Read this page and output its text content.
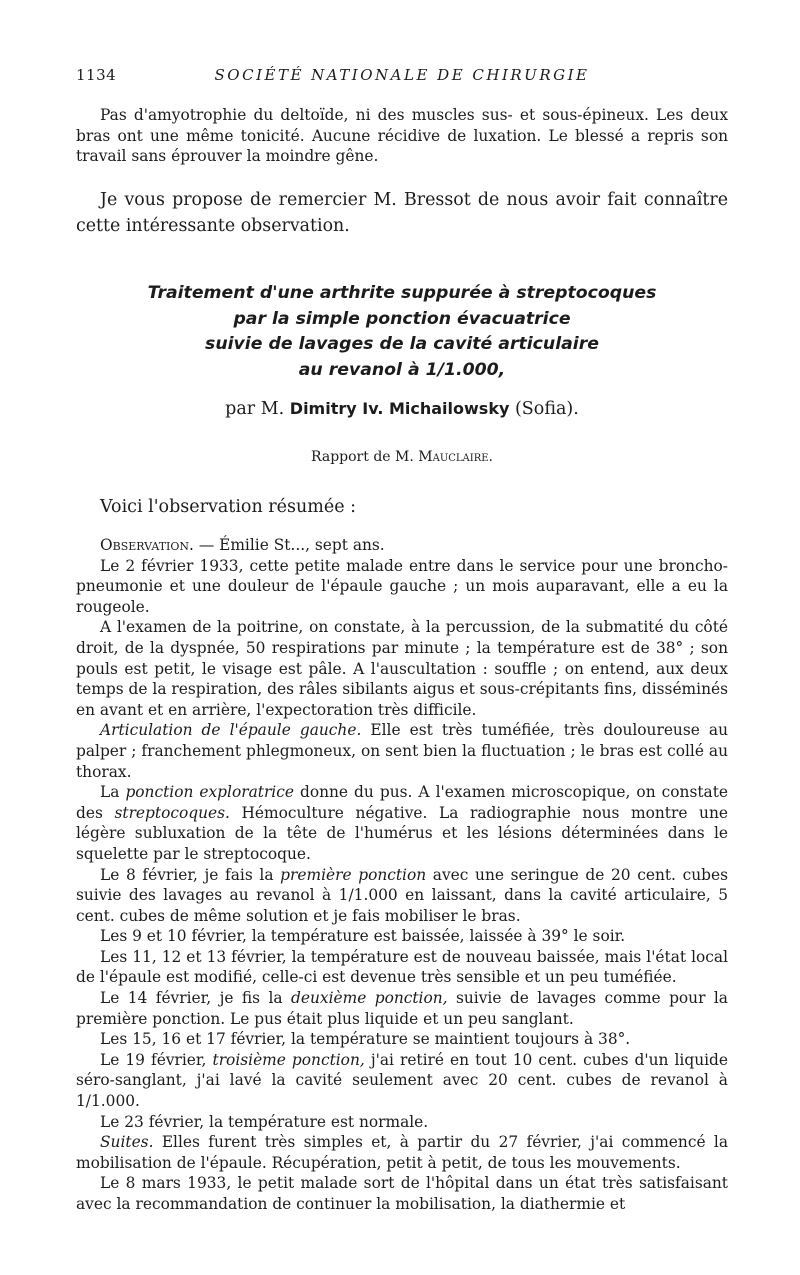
1134	SOCIÉTÉ NATIONALE DE CHIRURGIE

Pas d'amyotrophie du deltoïde, ni des muscles sus- et sous-épineux. Les deux bras ont une même tonicité. Aucune récidive de luxation. Le blessé a repris son travail sans éprouver la moindre gêne.

Je vous propose de remercier M. Bressot de nous avoir fait connaître cette intéressante observation.

Traitement d'une arthrite suppurée à streptocoques
par la simple ponction évacuatrice
suivie de lavages de la cavité articulaire
au revanol à 1/1.000,
par M. Dimitry Iv. Michailowsky (Sofia).
Rapport de M. Mauclaire.
Voici l'observation résumée :

Observation. — Émilie St..., sept ans.

Le 2 février 1933, cette petite malade entre dans le service pour une broncho-pneumonie et une douleur de l'épaule gauche ; un mois auparavant, elle a eu la rougeole.

A l'examen de la poitrine, on constate, à la percussion, de la submatité du côté droit, de la dyspnée, 50 respirations par minute ; la température est de 38° ; son pouls est petit, le visage est pâle. A l'auscultation : souffle ; on entend, aux deux temps de la respiration, des râles sibilants aigus et sous-crépitants fins, disséminés en avant et en arrière, l'expectoration très difficile.

Articulation de l'épaule gauche. Elle est très tuméfiée, très douloureuse au palper ; franchement phlegmoneux, on sent bien la fluctuation ; le bras est collé au thorax.

La ponction exploratrice donne du pus. A l'examen microscopique, on constate des streptocoques. Hémoculture négative. La radiographie nous montre une légère subluxation de la tête de l'humérus et les lésions déterminées dans le squelette par le streptocoque.

Le 8 février, je fais la première ponction avec une seringue de 20 cent. cubes suivie des lavages au revanol à 1/1.000 en laissant, dans la cavité articulaire, 5 cent. cubes de même solution et je fais mobiliser le bras.

Les 9 et 10 février, la température est baissée, laissée à 39° le soir.

Les 11, 12 et 13 février, la température est de nouveau baissée, mais l'état local de l'épaule est modifié, celle-ci est devenue très sensible et un peu tuméfiée.

Le 14 février, je fis la deuxième ponction, suivie de lavages comme pour la première ponction. Le pus était plus liquide et un peu sanglant.

Les 15, 16 et 17 février, la température se maintient toujours à 38°.

Le 19 février, troisième ponction, j'ai retiré en tout 10 cent. cubes d'un liquide séro-sanglant, j'ai lavé la cavité seulement avec 20 cent. cubes de revanol à 1/1.000.

Le 23 février, la température est normale.

Suites. Elles furent très simples et, à partir du 27 février, j'ai commencé la mobilisation de l'épaule. Récupération, petit à petit, de tous les mouvements.

Le 8 mars 1933, le petit malade sort de l'hôpital dans un état très satisfaisant avec la recommandation de continuer la mobilisation, la diathermie et
